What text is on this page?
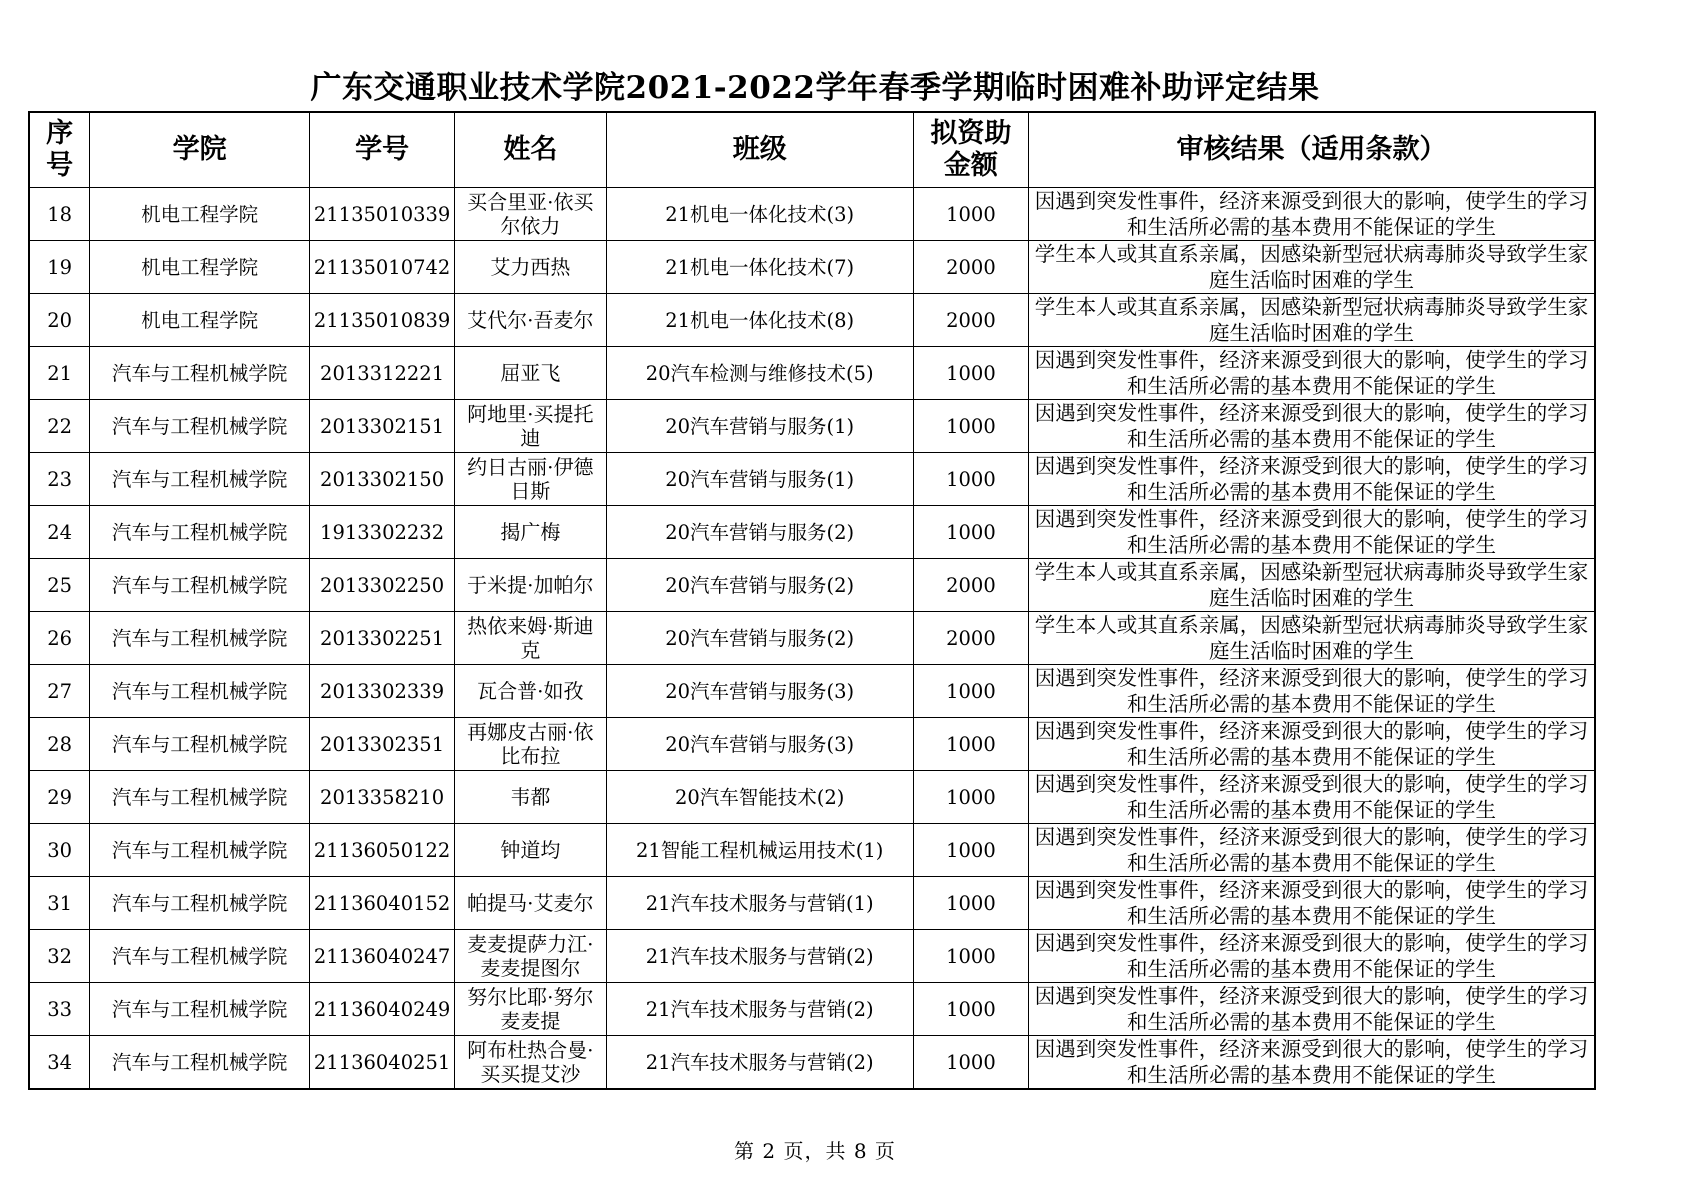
广东交通职业技术学院2021-2022学年春季学期临时困难补助评定结果
序号	学院	学号	姓名	班级	拟资助金额	审核结果（适用条款）
18	机电工程学院	21135010339	买合里亚·依买尔依力	21机电一体化技术(3)	1000	因遇到突发性事件，经济来源受到很大的影响，使学生的学习和生活所必需的基本费用不能保证的学生
19	机电工程学院	21135010742	艾力西热	21机电一体化技术(7)	2000	学生本人或其直系亲属，因感染新型冠状病毒肺炎导致学生家庭生活临时困难的学生
20	机电工程学院	21135010839	艾代尔·吾麦尔	21机电一体化技术(8)	2000	学生本人或其直系亲属，因感染新型冠状病毒肺炎导致学生家庭生活临时困难的学生
21	汽车与工程机械学院	2013312221	屈亚飞	20汽车检测与维修技术(5)	1000	因遇到突发性事件，经济来源受到很大的影响，使学生的学习和生活所必需的基本费用不能保证的学生
22	汽车与工程机械学院	2013302151	阿地里·买提托迪	20汽车营销与服务(1)	1000	因遇到突发性事件，经济来源受到很大的影响，使学生的学习和生活所必需的基本费用不能保证的学生
23	汽车与工程机械学院	2013302150	约日古丽·伊德日斯	20汽车营销与服务(1)	1000	因遇到突发性事件，经济来源受到很大的影响，使学生的学习和生活所必需的基本费用不能保证的学生
24	汽车与工程机械学院	1913302232	揭广梅	20汽车营销与服务(2)	1000	因遇到突发性事件，经济来源受到很大的影响，使学生的学习和生活所必需的基本费用不能保证的学生
25	汽车与工程机械学院	2013302250	于米提·加帕尔	20汽车营销与服务(2)	2000	学生本人或其直系亲属，因感染新型冠状病毒肺炎导致学生家庭生活临时困难的学生
26	汽车与工程机械学院	2013302251	热依来姆·斯迪克	20汽车营销与服务(2)	2000	学生本人或其直系亲属，因感染新型冠状病毒肺炎导致学生家庭生活临时困难的学生
27	汽车与工程机械学院	2013302339	瓦合普·如孜	20汽车营销与服务(3)	1000	因遇到突发性事件，经济来源受到很大的影响，使学生的学习和生活所必需的基本费用不能保证的学生
28	汽车与工程机械学院	2013302351	再娜皮古丽·依比布拉	20汽车营销与服务(3)	1000	因遇到突发性事件，经济来源受到很大的影响，使学生的学习和生活所必需的基本费用不能保证的学生
29	汽车与工程机械学院	2013358210	韦都	20汽车智能技术(2)	1000	因遇到突发性事件，经济来源受到很大的影响，使学生的学习和生活所必需的基本费用不能保证的学生
30	汽车与工程机械学院	21136050122	钟道均	21智能工程机械运用技术(1)	1000	因遇到突发性事件，经济来源受到很大的影响，使学生的学习和生活所必需的基本费用不能保证的学生
31	汽车与工程机械学院	21136040152	帕提马·艾麦尔	21汽车技术服务与营销(1)	1000	因遇到突发性事件，经济来源受到很大的影响，使学生的学习和生活所必需的基本费用不能保证的学生
32	汽车与工程机械学院	21136040247	麦麦提萨力江·麦麦提图尔	21汽车技术服务与营销(2)	1000	因遇到突发性事件，经济来源受到很大的影响，使学生的学习和生活所必需的基本费用不能保证的学生
33	汽车与工程机械学院	21136040249	努尔比耶·努尔麦麦提	21汽车技术服务与营销(2)	1000	因遇到突发性事件，经济来源受到很大的影响，使学生的学习和生活所必需的基本费用不能保证的学生
34	汽车与工程机械学院	21136040251	阿布杜热合曼·买买提艾沙	21汽车技术服务与营销(2)	1000	因遇到突发性事件，经济来源受到很大的影响，使学生的学习和生活所必需的基本费用不能保证的学生
第 2 页，共 8 页
